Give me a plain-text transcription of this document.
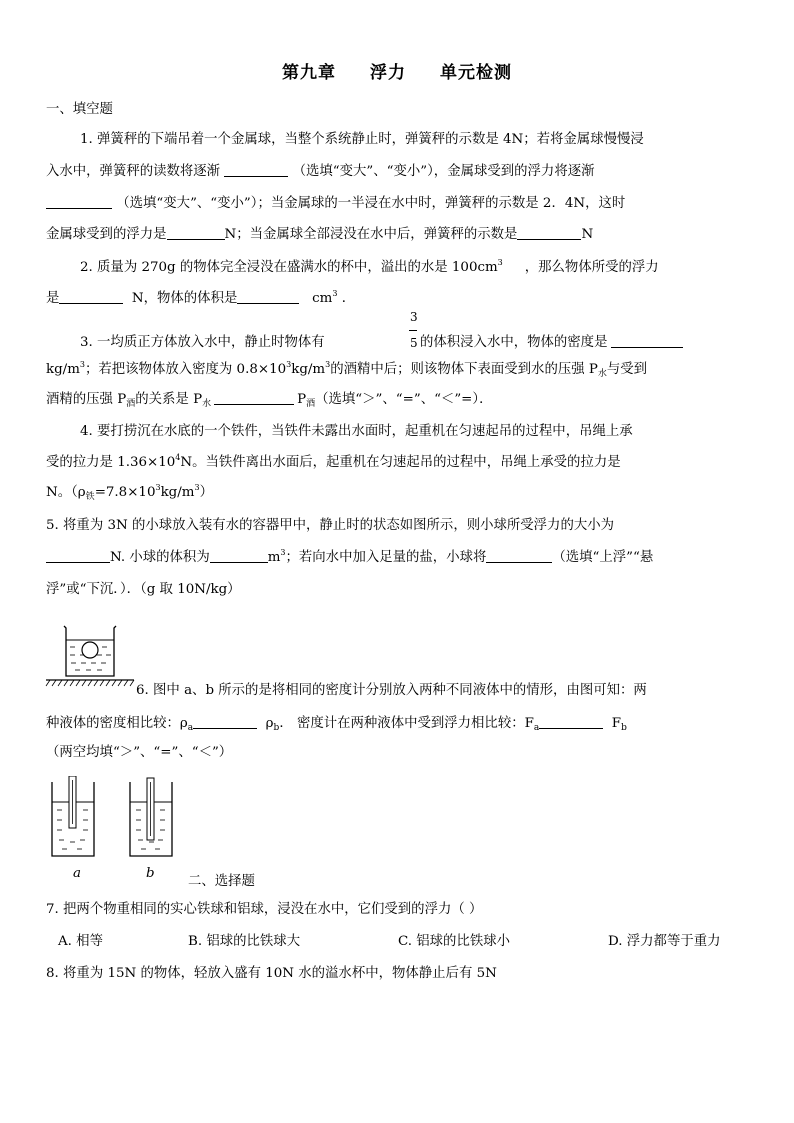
第九章 浮力 单元检测
一、填空题
1. 弹簧秤的下端吊着一个金属球，当整个系统静止时，弹簧秤的示数是 4N；若将金属球慢慢浸
入水中，弹簧秤的读数将逐渐	（选填“变大”、“变小”），金属球受到的浮力将逐渐
（选填“变大”、“变小”）；当金属球的一半浸在水中时，弹簧秤的示数是 2．4N，这时
金属球受到的浮力是	N；当金属球全部浸没在水中后，弹簧秤的示数是	N
2. 质量为 270g 的物体完全浸没在盛满水的杯中，溢出的水是 $100cm^3$ ，那么物体所受的浮力
是	N，物体的体积是	$cm^3$ ．
3
5
3. 一均质正方体放入水中，静止时物体有	的体积浸入水中，物体的密度是
$kg/m^3$；若把该物体放入密度为 $0.8\times 10^3kg/m^3$的酒精中后；则该物体下表面受到水的压强 $P_水$与受到
酒精的压强 $P_酒$的关系是 $P_水$	$P_酒$（选填“＞”、“=”、“＜”=）．
4. 要打捞沉在水底的一个铁件，当铁件未露出水面时，起重机在匀速起吊的过程中，吊绳上承
受的拉力是 $1.36\times 10^4N$。当铁件离出水面后，起重机在匀速起吊的过程中，吊绳上承受的拉力是
N。$(\rho_铁=7.8\times 10^3kg/m^3)$
5. 将重为 3N 的小球放入装有水的容器甲中，静止时的状态如图所示，则小球所受浮力的大小为
N. 小球的体积为	$m^3$；若向水中加入足量的盐，小球将	（选填“上浮”“悬
浮”或“下沉．）．（g 取 10N/kg）
6. 图中 a、b 所示的是将相同的密度计分别放入两种不同液体中的情形，由图可知：两
种液体的密度相比较：$\rho_a$	$\rho_b$． 密度计在两种液体中受到浮力相比较：$F_a$	$F_b$
（两空均填“＞”、“=”、“＜”）
a	b
二、选择题
7. 把两个物重相同的实心铁球和铝球，浸没在水中，它们受到的浮力（ ）
A. 相等	B. 铝球的比铁球大	C. 铝球的比铁球小	D. 浮力都等于重力
8. 将重为 15N 的物体，轻放入盛有 10N 水的溢水杯中，物体静止后有 5N
